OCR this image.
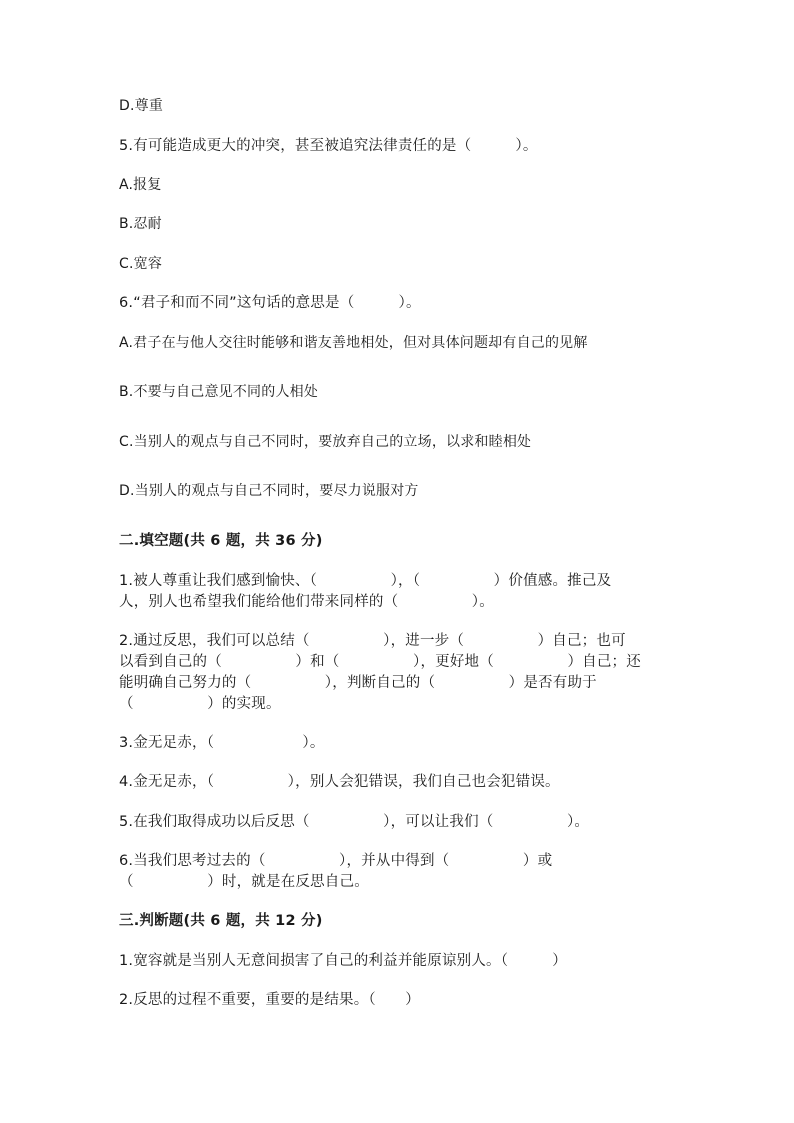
D.尊重
5.有可能造成更大的冲突，甚至被追究法律责任的是（　　　）。
A.报复
B.忍耐
C.宽容
6.“君子和而不同”这句话的意思是（　　　）。
A.君子在与他人交往时能够和谐友善地相处，但对具体问题却有自己的见解
B.不要与自己意见不同的人相处
C.当别人的观点与自己不同时，要放弃自己的立场，以求和睦相处
D.当别人的观点与自己不同时，要尽力说服对方
二.填空题(共 6 题，共 36 分)
1.被人尊重让我们感到愉快、（　　　　　），（　　　　　）价值感。推己及
人，别人也希望我们能给他们带来同样的（　　　　　）。
2.通过反思，我们可以总结（　　　　　），进一步（　　　　　）自己；也可
以看到自己的（　　　　　）和（　　　　　），更好地（　　　　　）自己；还
能明确自己努力的（　　　　　），判断自己的（　　　　　）是否有助于
（　　　　　）的实现。
3.金无足赤，（　　　　　　）。
4.金无足赤，（　　　　　），别人会犯错误，我们自己也会犯错误。
5.在我们取得成功以后反思（　　　　　），可以让我们（　　　　　）。
6.当我们思考过去的（　　　　　），并从中得到（　　　　　）或
（　　　　　）时，就是在反思自己。
三.判断题(共 6 题，共 12 分)
1.宽容就是当别人无意间损害了自己的利益并能原谅别人。（　　　）
2.反思的过程不重要，重要的是结果。（　　）
